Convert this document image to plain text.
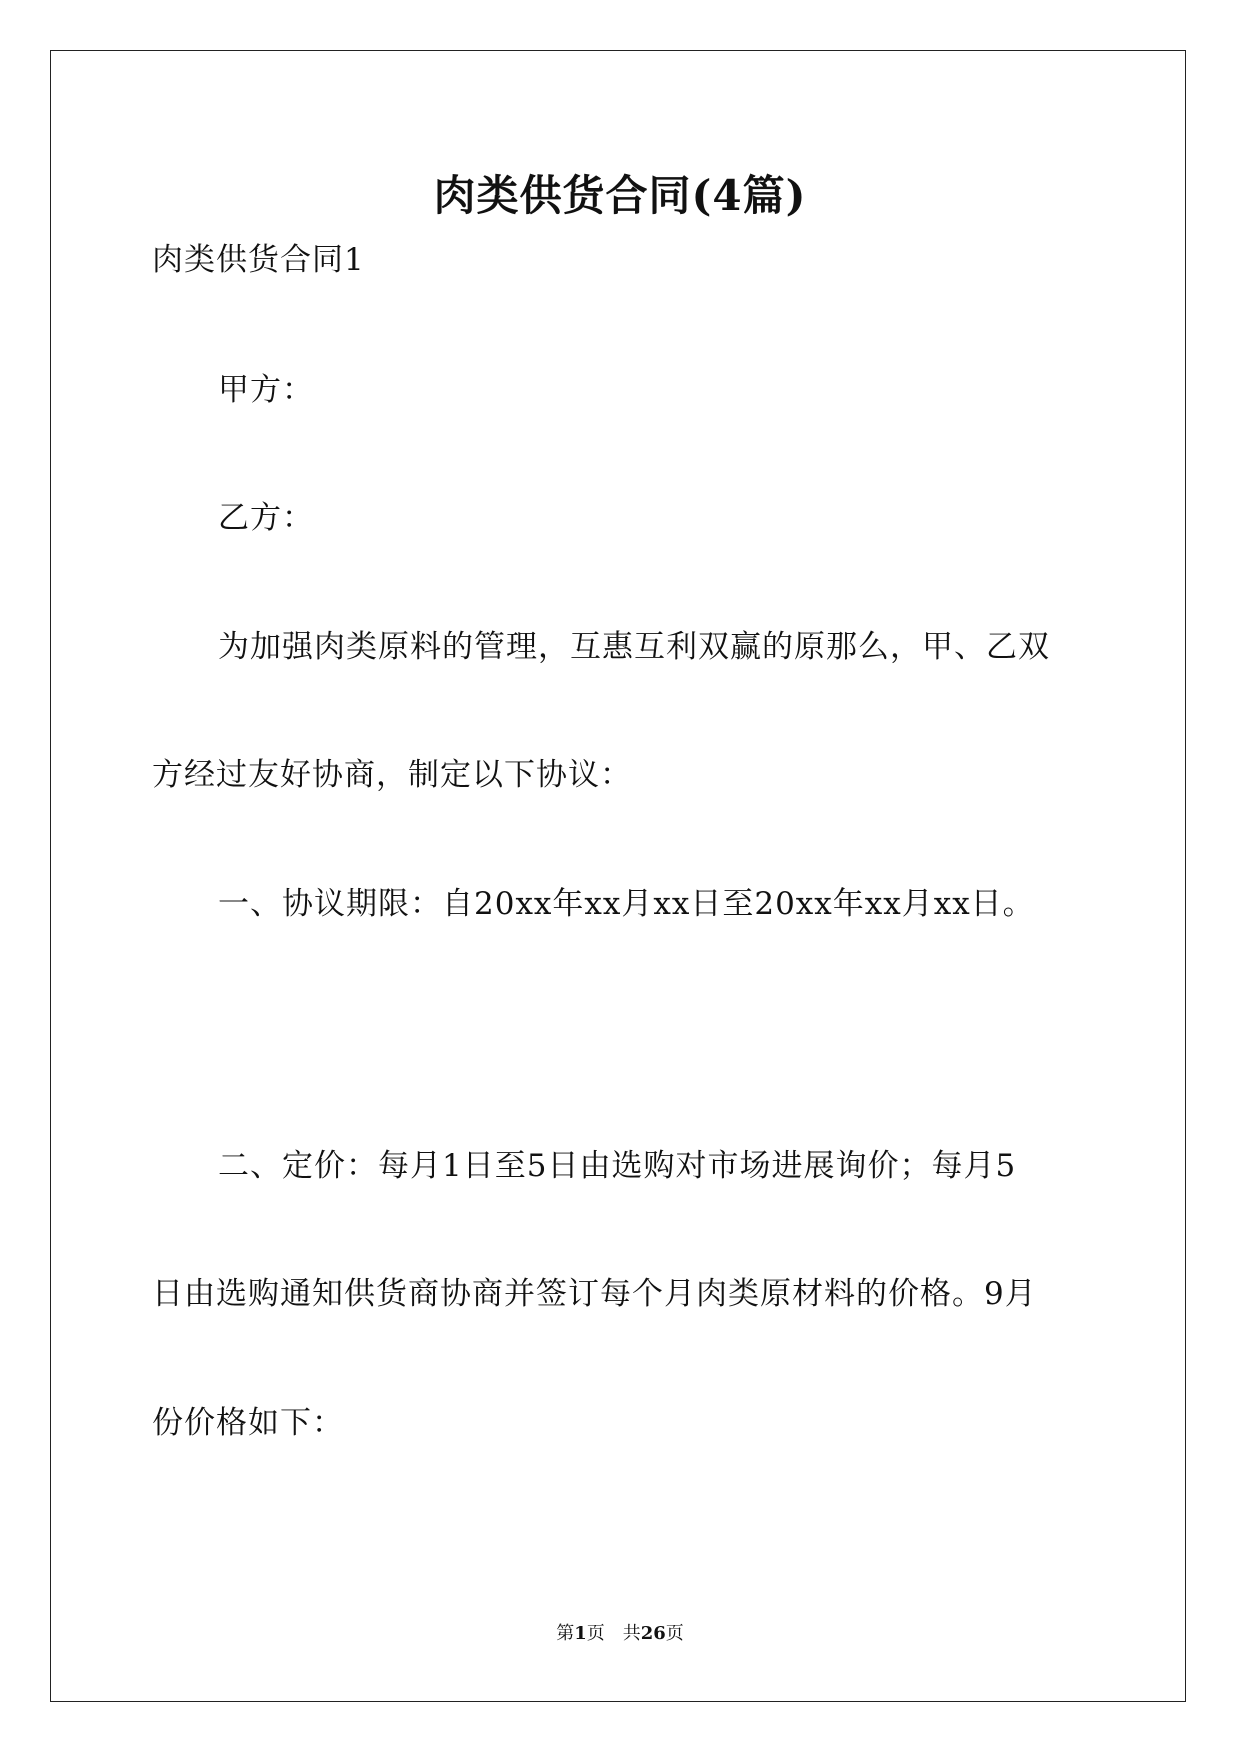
肉类供货合同(4篇)
肉类供货合同1
甲方：
乙方：
为加强肉类原料的管理，互惠互利双赢的原那么，甲、乙双
方经过友好协商，制定以下协议：
一、协议期限：自20xx年xx月xx日至20xx年xx月xx日。
二、定价：每月1日至5日由选购对市场进展询价；每月5
日由选购通知供货商协商并签订每个月肉类原材料的价格。9月
份价格如下：
第1页　共26页
